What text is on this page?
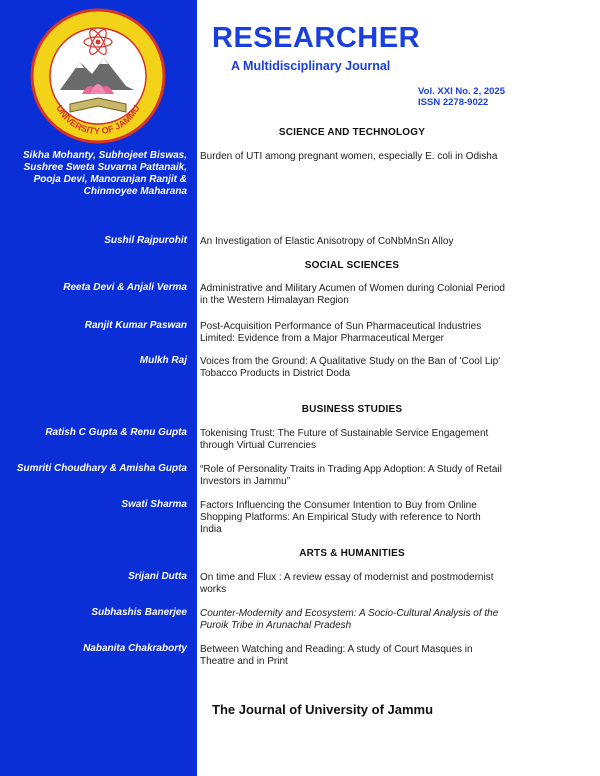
UNIVERSITY OF JAMMU
RESEARCHER
A Multidisciplinary Journal
Vol. XXI No. 2, 2025
ISSN 2278-9022
SCIENCE AND TECHNOLOGY
Sikha Mohanty, Subhojeet Biswas, Sushree Sweta Suvarna Pattanaik, Pooja Devi, Manoranjan Ranjit & Chinmoyee Maharana
Burden of UTI among pregnant women, especially E. coli in Odisha
Sushil Rajpurohit An Investigation of Elastic Anisotropy of CoNbMnSn Alloy
SOCIAL SCIENCES
Reeta Devi & Anjali Verma Administrative and Military Acumen of Women during Colonial Period in the Western Himalayan Region
Ranjit Kumar Paswan Post-Acquisition Performance of Sun Pharmaceutical Industries Limited: Evidence from a Major Pharmaceutical Merger
Mulkh Raj Voices from the Ground: A Qualitative Study on the Ban of 'Cool Lip' Tobacco Products in District Doda
BUSINESS STUDIES
Ratish C Gupta & Renu Gupta Tokenising Trust: The Future of Sustainable Service Engagement through Virtual Currencies
Sumriti Choudhary & Amisha Gupta “Role of Personality Traits in Trading App Adoption: A Study of Retail Investors in Jammu”
Swati Sharma Factors Influencing the Consumer Intention to Buy from Online Shopping Platforms: An Empirical Study with reference to North India
ARTS & HUMANITIES
Srijani Dutta On time and Flux : A review essay of modernist and postmodernist works
Subhashis Banerjee Counter-Modernity and Ecosystem: A Socio-Cultural Analysis of the Puroik Tribe in Arunachal Pradesh
Nabanita Chakraborty Between Watching and Reading: A study of Court Masques in Theatre and in Print
The Journal of University of Jammu
